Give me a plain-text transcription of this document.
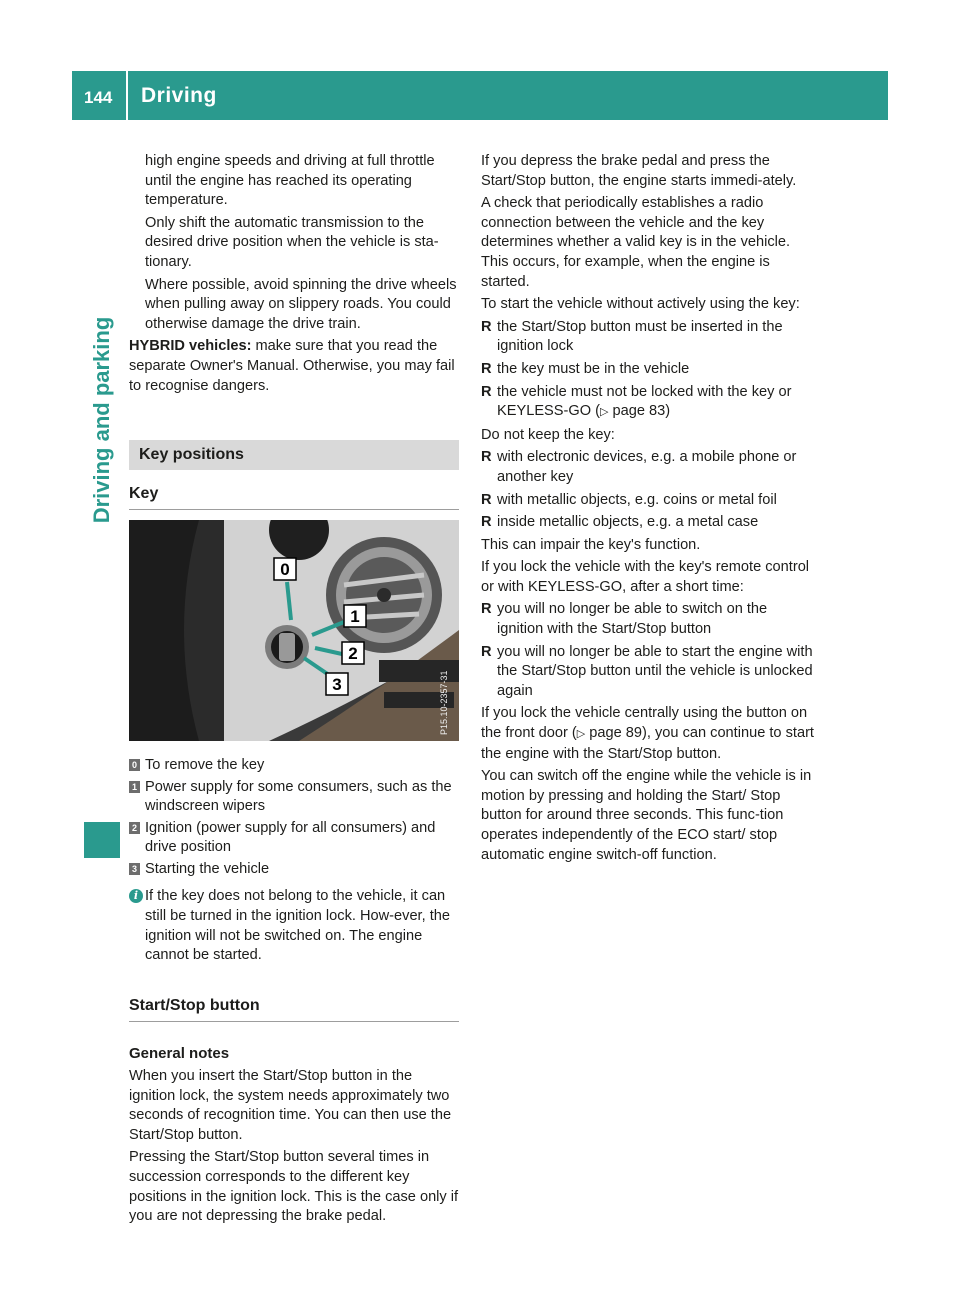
144 Driving
Driving and parking

high engine speeds and driving at full throttle until the engine has reached its operating temperature.

Only shift the automatic transmission to the desired drive position when the vehicle is sta-tionary.

Where possible, avoid spinning the drive wheels when pulling away on slippery roads. You could otherwise damage the drive train.

HYBRID vehicles: make sure that you read the separate Owner's Manual. Otherwise, you may fail to recognise dangers.

Key positions
Key
0
1
2
3	P15.10-2357-31
0 To remove the key
1 Power supply for some consumers, such as the windscreen wipers
2 Ignition (power supply for all consumers) and drive position
3 Starting the vehicle
i If the key does not belong to the vehicle, it can still be turned in the ignition lock. How-ever, the ignition will not be switched on. The engine cannot be started.
Start/Stop button
General notes

When you insert the Start/Stop button in the ignition lock, the system needs approximately two seconds of recognition time. You can then use the Start/Stop button.

Pressing the Start/Stop button several times in succession corresponds to the different key positions in the ignition lock. This is the case only if you are not depressing the brake pedal.

If you depress the brake pedal and press the Start/Stop button, the engine starts immedi-ately.

A check that periodically establishes a radio connection between the vehicle and the key determines whether a valid key is in the vehicle. This occurs, for example, when the engine is started.

To start the vehicle without actively using the key:

R the Start/Stop button must be inserted in the ignition lock
R the key must be in the vehicle
R the vehicle must not be locked with the key or KEYLESS-GO (▷ page 83)

Do not keep the key:

R with electronic devices, e.g. a mobile phone or another key
R with metallic objects, e.g. coins or metal foil
R inside metallic objects, e.g. a metal case

This can impair the key's function.

If you lock the vehicle with the key's remote control or with KEYLESS-GO, after a short time:

R you will no longer be able to switch on the ignition with the Start/Stop button
R you will no longer be able to start the engine with the Start/Stop button until the vehicle is unlocked again

If you lock the vehicle centrally using the button on the front door (▷ page 89), you can continue to start the engine with the Start/Stop button.

You can switch off the engine while the vehicle is in motion by pressing and holding the Start/ Stop button for around three seconds. This func-tion operates independently of the ECO start/ stop automatic engine switch-off function.
